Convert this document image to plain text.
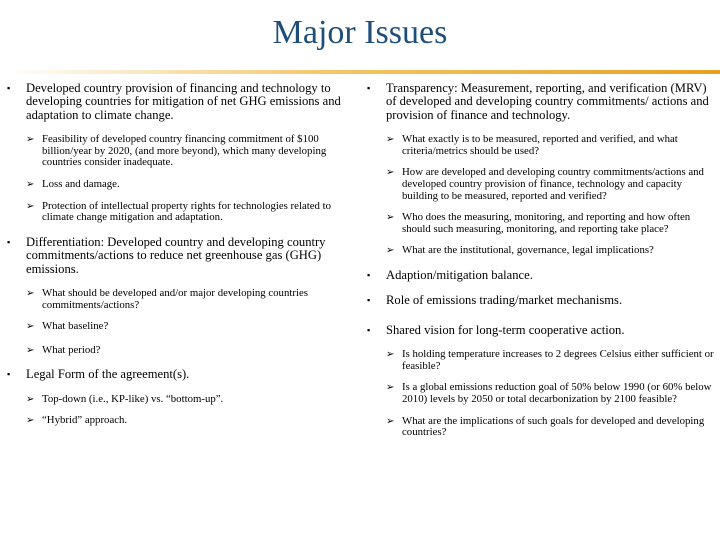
Major Issues
▪ Developed country provision of financing and technology to developing countries for mitigation of net GHG emissions and adaptation to climate change.
➢ Feasibility of developed country financing commitment of $100 billion/year by 2020, (and more beyond), which many developing countries consider inadequate.
➢ Loss and damage.
➢ Protection of intellectual property rights for technologies related to climate change mitigation and adaptation.
▪ Differentiation: Developed country and developing country commitments/actions to reduce net greenhouse gas (GHG) emissions.
➢ What should be developed and/or major developing countries commitments/actions?
➢ What baseline?
➢ What period?
▪ Legal Form of the agreement(s).
➢ Top-down (i.e., KP-like) vs. “bottom-up”.
➢ “Hybrid” approach.
▪ Transparency: Measurement, reporting, and verification (MRV) of developed and developing country commitments/ actions and provision of finance and technology.
➢ What exactly is to be measured, reported and verified, and what criteria/metrics should be used?
➢ How are developed and developing country commitments/actions and developed country provision of finance, technology and capacity building to be measured, reported and verified?
➢ Who does the measuring, monitoring, and reporting and how often should such measuring, monitoring, and reporting take place?
➢ What are the institutional, governance, legal implications?
▪ Adaption/mitigation balance.
▪ Role of emissions trading/market mechanisms.
▪ Shared vision for long-term cooperative action.
➢ Is holding temperature increases to 2 degrees Celsius either sufficient or feasible?
➢ Is a global emissions reduction goal of 50% below 1990 (or 60% below 2010) levels by 2050 or total decarbonization by 2100 feasible?
➢ What are the implications of such goals for developed and developing countries?
